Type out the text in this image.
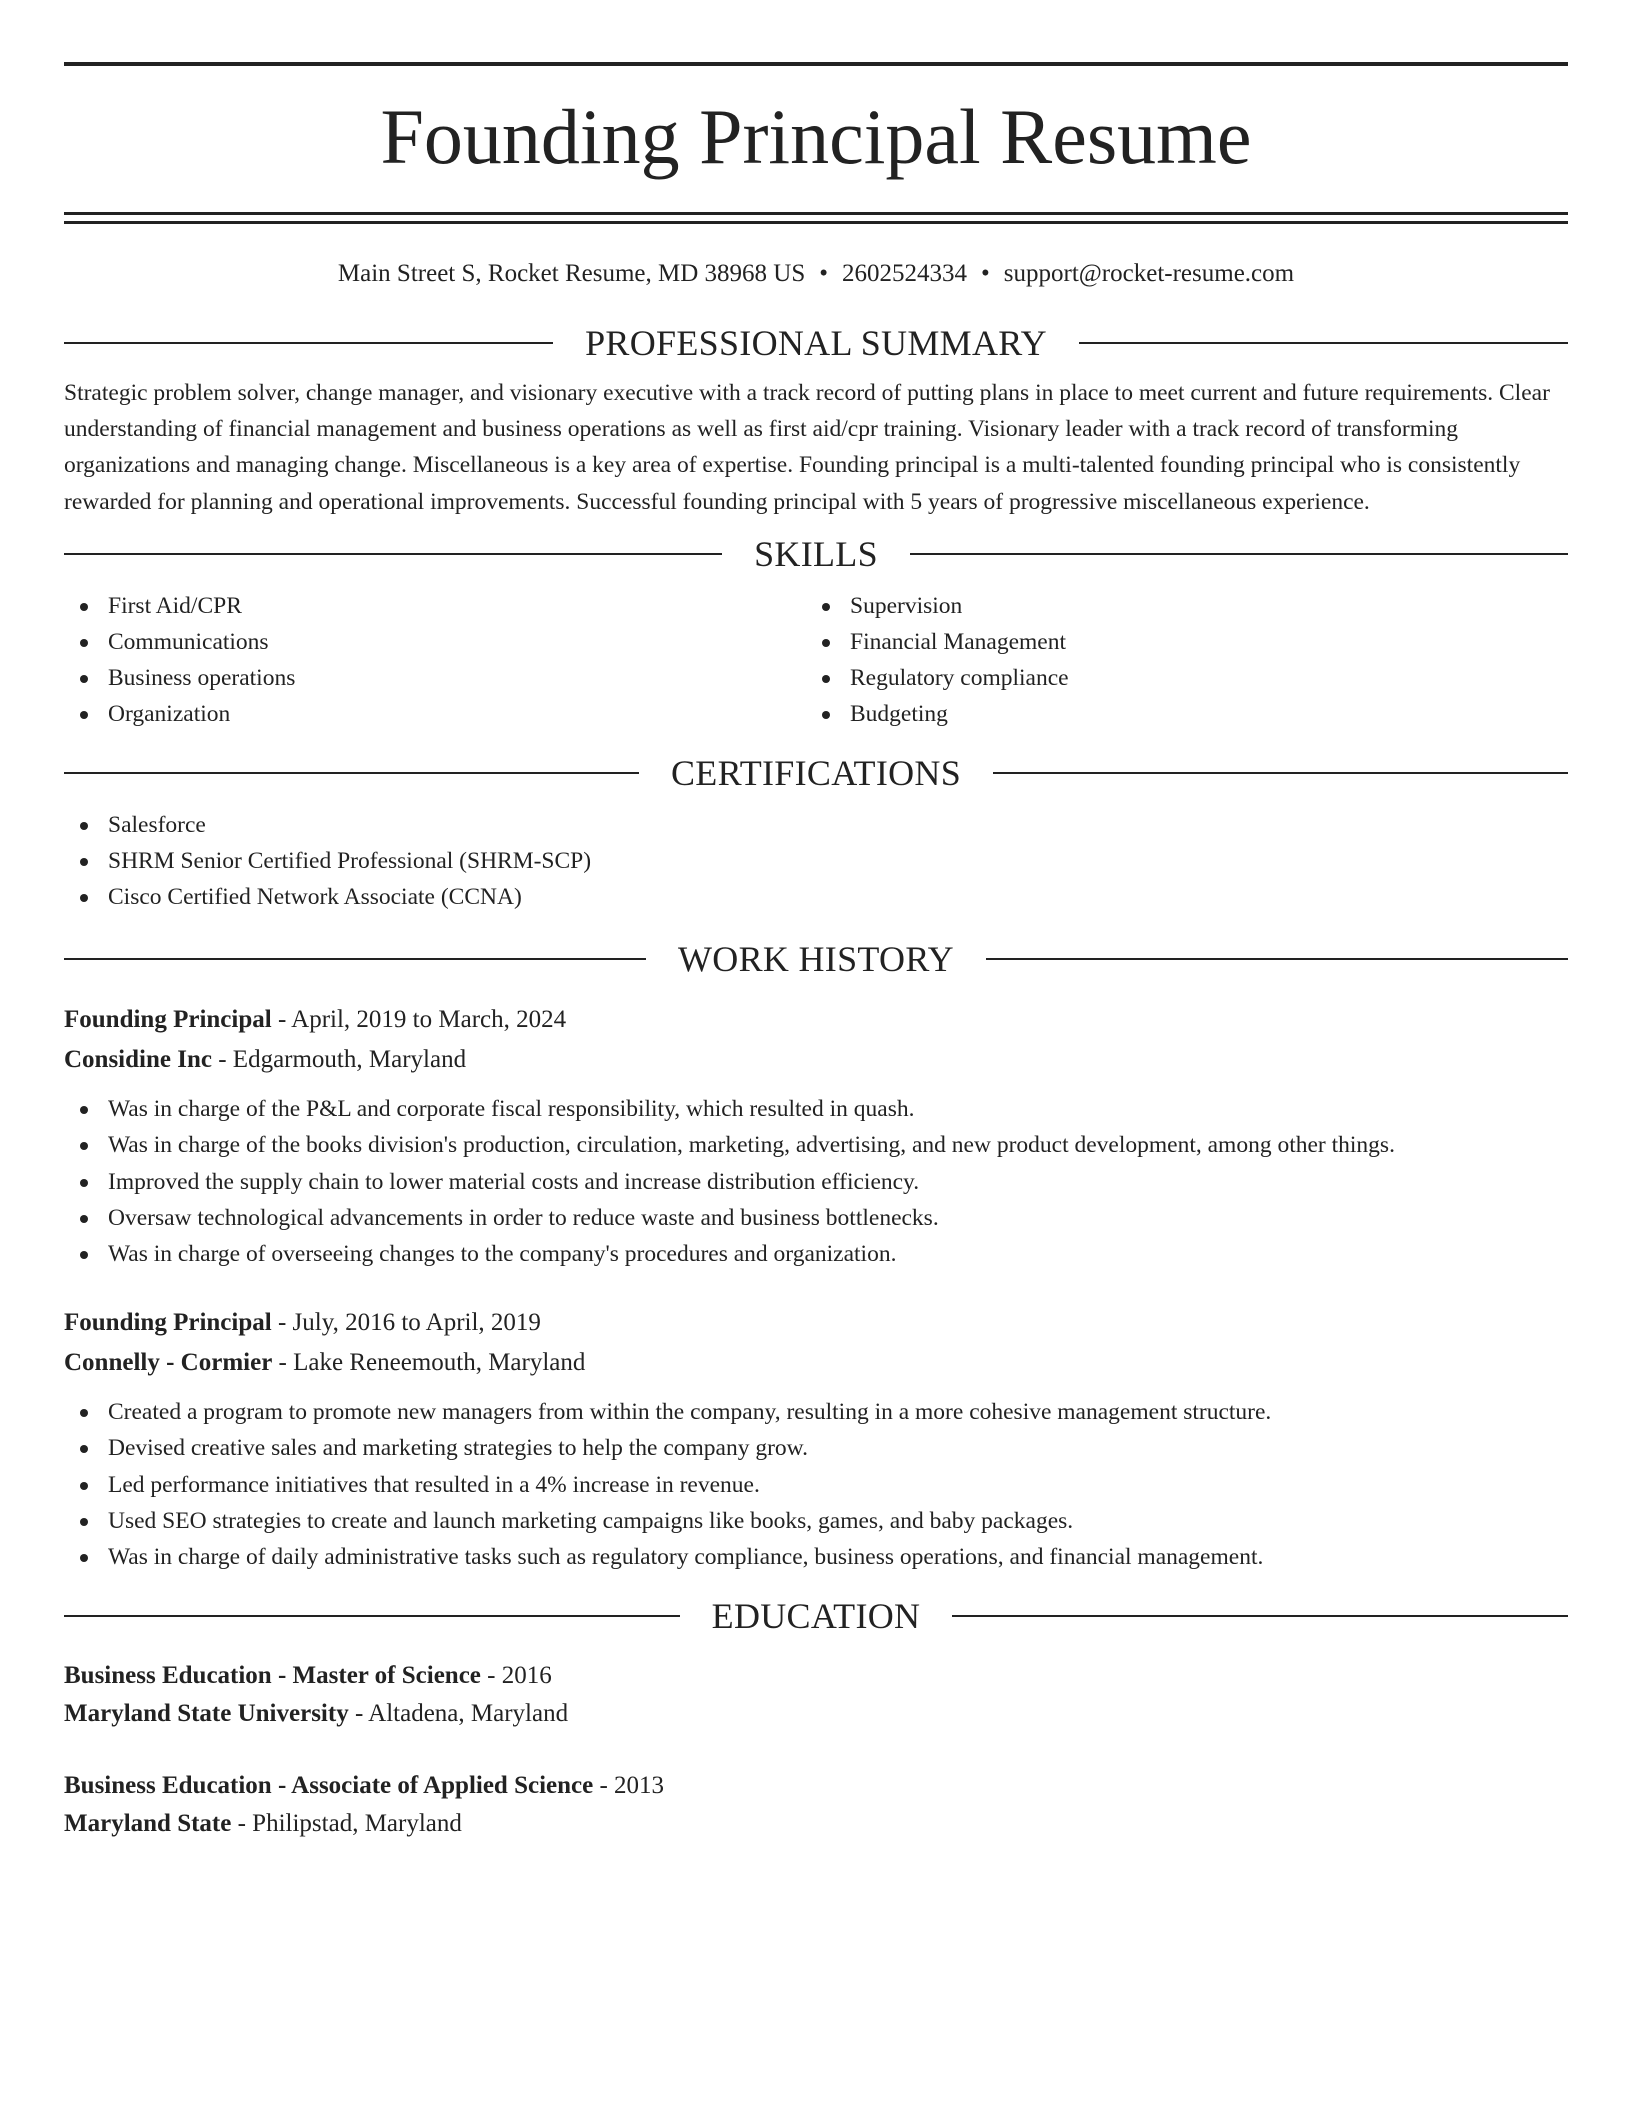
Founding Principal Resume
Main Street S, Rocket Resume, MD 38968 US • 2602524334 • support@rocket-resume.com
PROFESSIONAL SUMMARY

Strategic problem solver, change manager, and visionary executive with a track record of putting plans in place to meet current and future requirements. Clear understanding of financial management and business operations as well as first aid/cpr training. Visionary leader with a track record of transforming organizations and managing change. Miscellaneous is a key area of expertise. Founding principal is a multi-talented founding principal who is consistently rewarded for planning and operational improvements. Successful founding principal with 5 years of progressive miscellaneous experience.

SKILLS
First Aid/CPR
Communications
Business operations
Organization
Supervision
Financial Management
Regulatory compliance
Budgeting
CERTIFICATIONS
Salesforce
SHRM Senior Certified Professional (SHRM-SCP)
Cisco Certified Network Associate (CCNA)
WORK HISTORY
Founding Principal - April, 2019 to March, 2024
Considine Inc - Edgarmouth, Maryland
Was in charge of the P&L and corporate fiscal responsibility, which resulted in quash.
Was in charge of the books division's production, circulation, marketing, advertising, and new product development, among other things.
Improved the supply chain to lower material costs and increase distribution efficiency.
Oversaw technological advancements in order to reduce waste and business bottlenecks.
Was in charge of overseeing changes to the company's procedures and organization.
Founding Principal - July, 2016 to April, 2019
Connelly - Cormier - Lake Reneemouth, Maryland
Created a program to promote new managers from within the company, resulting in a more cohesive management structure.
Devised creative sales and marketing strategies to help the company grow.
Led performance initiatives that resulted in a 4% increase in revenue.
Used SEO strategies to create and launch marketing campaigns like books, games, and baby packages.
Was in charge of daily administrative tasks such as regulatory compliance, business operations, and financial management.
EDUCATION
Business Education - Master of Science - 2016
Maryland State University - Altadena, Maryland
Business Education - Associate of Applied Science - 2013
Maryland State - Philipstad, Maryland
